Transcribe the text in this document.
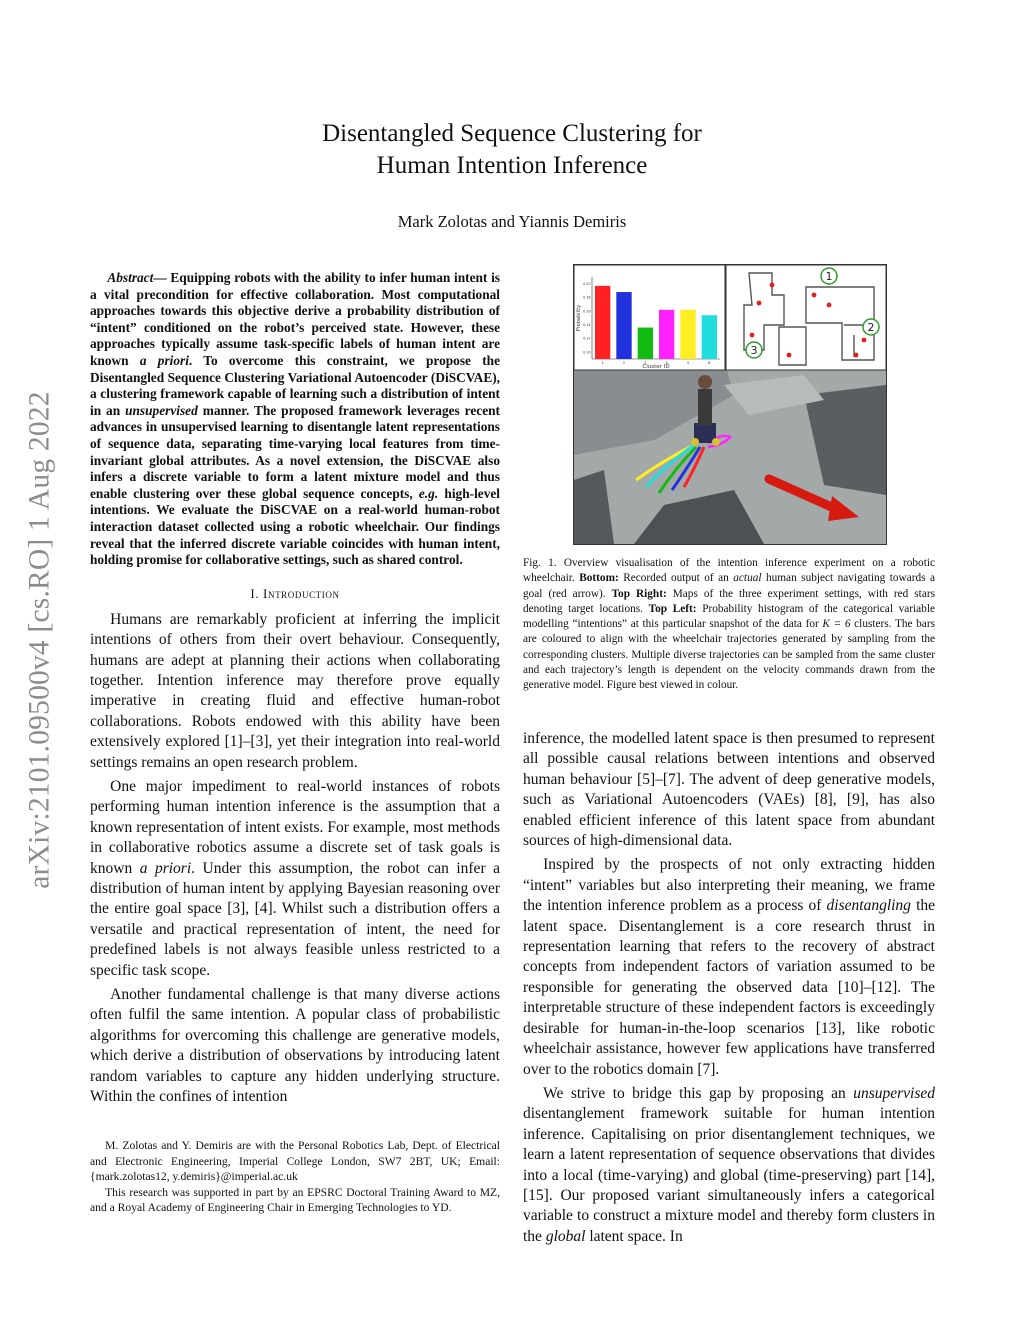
arXiv:2101.09500v4 [cs.RO] 1 Aug 2022
Disentangled Sequence Clustering for
Human Intention Inference
Mark Zolotas and Yiannis Demiris

Abstract— Equipping robots with the ability to infer human intent is a vital precondition for effective collaboration. Most computational approaches towards this objective derive a probability distribution of “intent” conditioned on the robot’s perceived state. However, these approaches typically assume task-specific labels of human intent are known a priori. To overcome this constraint, we propose the Disentangled Sequence Clustering Variational Autoencoder (DiSCVAE), a clustering framework capable of learning such a distribution of intent in an unsupervised manner. The proposed framework leverages recent advances in unsupervised learning to disentangle latent representations of sequence data, separating time-varying local features from time-invariant global attributes. As a novel extension, the DiSCVAE also infers a discrete variable to form a latent mixture model and thus enable clustering over these global sequence concepts, e.g. high-level intentions. We evaluate the DiSCVAE on a real-world human-robot interaction dataset collected using a robotic wheelchair. Our findings reveal that the inferred discrete variable coincides with human intent, holding promise for collaborative settings, such as shared control.

I. Introduction

Humans are remarkably proficient at inferring the implicit intentions of others from their overt behaviour. Consequently, humans are adept at planning their actions when collaborating together. Intention inference may therefore prove equally imperative in creating fluid and effective human-robot collaborations. Robots endowed with this ability have been extensively explored [1]–[3], yet their integration into real-world settings remains an open research problem.

One major impediment to real-world instances of robots performing human intention inference is the assumption that a known representation of intent exists. For example, most methods in collaborative robotics assume a discrete set of task goals is known a priori. Under this assumption, the robot can infer a distribution of human intent by applying Bayesian reasoning over the entire goal space [3], [4]. Whilst such a distribution offers a versatile and practical representation of intent, the need for predefined labels is not always feasible unless restricted to a specific task scope.

Another fundamental challenge is that many diverse actions often fulfil the same intention. A popular class of probabilistic algorithms for overcoming this challenge are generative models, which derive a distribution of observations by introducing latent random variables to capture any hidden underlying structure. Within the confines of intention

M. Zolotas and Y. Demiris are with the Personal Robotics Lab, Dept. of Electrical and Electronic Engineering, Imperial College London, SW7 2BT, UK; Email: {mark.zolotas12, y.demiris}@imperial.ac.uk

This research was supported in part by an EPSRC Doctoral Training Award to MZ, and a Royal Academy of Engineering Chair in Emerging Technologies to YD.

0.20
0.18
0.16
0.14
0.12
0.10
1	2	3	4	5	6
Probability
Cluster ID
1
2
3
Fig. 1. Overview visualisation of the intention inference experiment on a robotic wheelchair. Bottom: Recorded output of an actual human subject navigating towards a goal (red arrow). Top Right: Maps of the three experiment settings, with red stars denoting target locations. Top Left: Probability histogram of the categorical variable modelling “intentions” at this particular snapshot of the data for K = 6 clusters. The bars are coloured to align with the wheelchair trajectories generated by sampling from the corresponding clusters. Multiple diverse trajectories can be sampled from the same cluster and each trajectory’s length is dependent on the velocity commands drawn from the generative model. Figure best viewed in colour.

inference, the modelled latent space is then presumed to represent all possible causal relations between intentions and observed human behaviour [5]–[7]. The advent of deep generative models, such as Variational Autoencoders (VAEs) [8], [9], has also enabled efficient inference of this latent space from abundant sources of high-dimensional data.

Inspired by the prospects of not only extracting hidden “intent” variables but also interpreting their meaning, we frame the intention inference problem as a process of disentangling the latent space. Disentanglement is a core research thrust in representation learning that refers to the recovery of abstract concepts from independent factors of variation assumed to be responsible for generating the observed data [10]–[12]. The interpretable structure of these independent factors is exceedingly desirable for human-in-the-loop scenarios [13], like robotic wheelchair assistance, however few applications have transferred over to the robotics domain [7].

We strive to bridge this gap by proposing an unsupervised disentanglement framework suitable for human intention inference. Capitalising on prior disentanglement techniques, we learn a latent representation of sequence observations that divides into a local (time-varying) and global (time-preserving) part [14], [15]. Our proposed variant simultaneously infers a categorical variable to construct a mixture model and thereby form clusters in the global latent space. In
